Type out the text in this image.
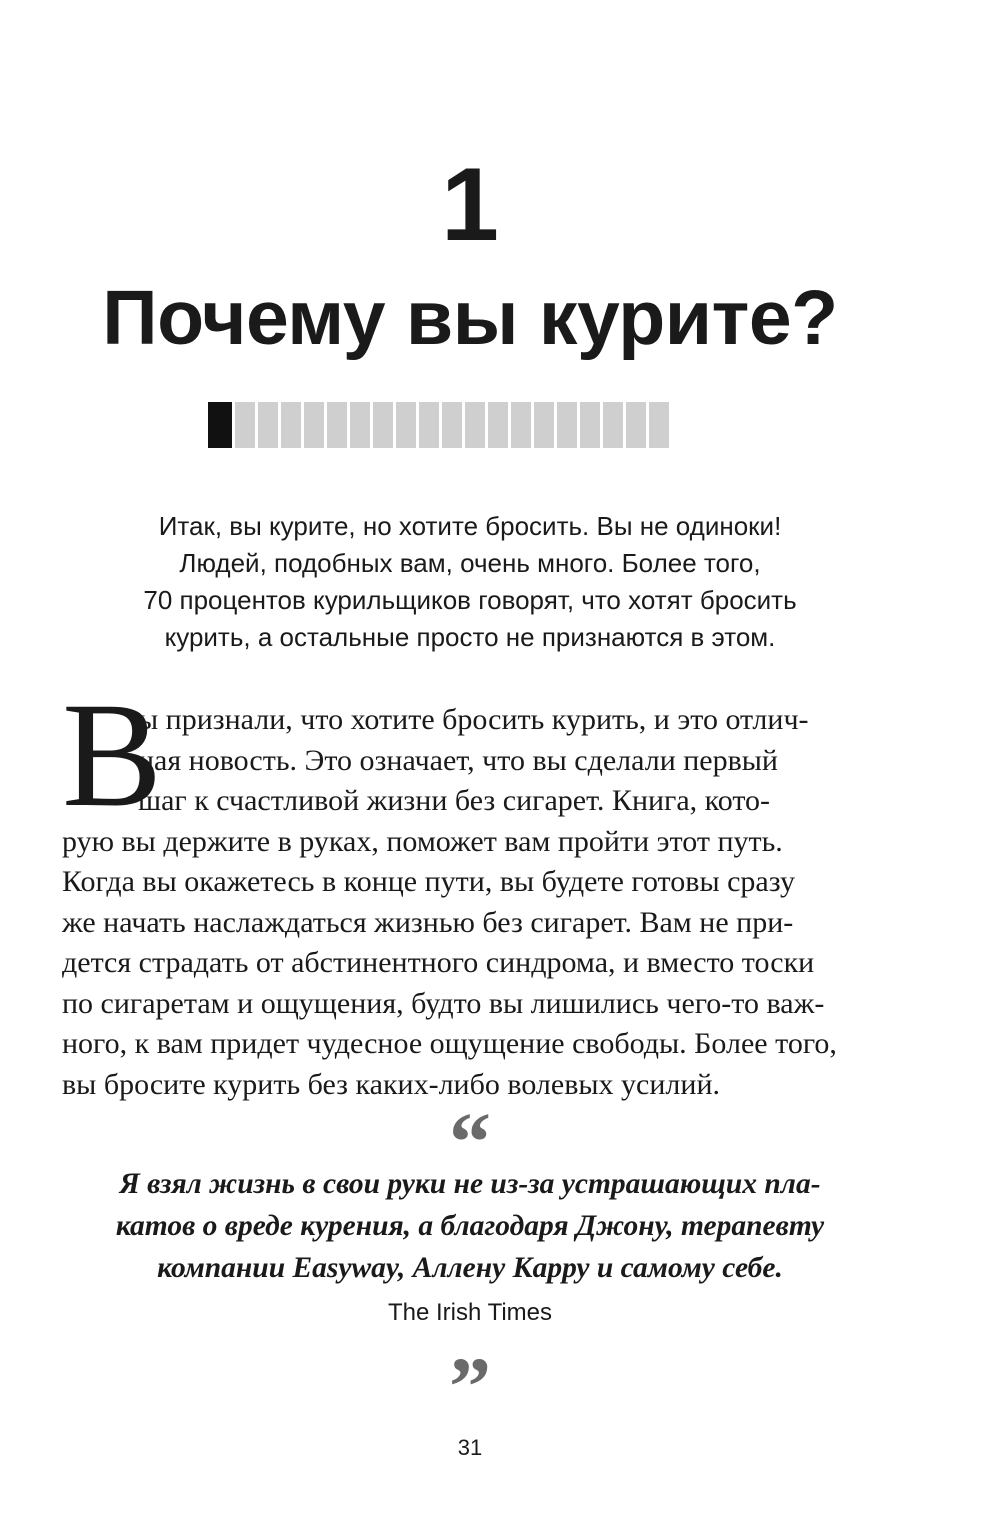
1
Почему вы курите?
Итак, вы курите, но хотите бросить. Вы не одиноки!
Людей, подобных вам, очень много. Более того,
70 процентов курильщиков говорят, что хотят бросить
курить, а остальные просто не признаются в этом.
В
ы признали, что хотите бросить курить, и это отлич-
ная новость. Это означает, что вы сделали первый
шаг к счастливой жизни без сигарет. Книга, кото-
рую вы держите в руках, поможет вам пройти этот путь.
Когда вы окажетесь в конце пути, вы будете готовы сразу
же начать наслаждаться жизнью без сигарет. Вам не при-
дется страдать от абстинентного синдрома, и вместо тоски
по сигаретам и ощущения, будто вы лишились чего-то важ-
ного, к вам придет чудесное ощущение свободы. Более того,
вы бросите курить без каких-либо волевых усилий.
“
Я взял жизнь в свои руки не из-за устрашающих пла-
катов о вреде курения, а благодаря Джону, терапевту
компании Easyway, Аллену Карру и самому себе.
The Irish Times
”
31
